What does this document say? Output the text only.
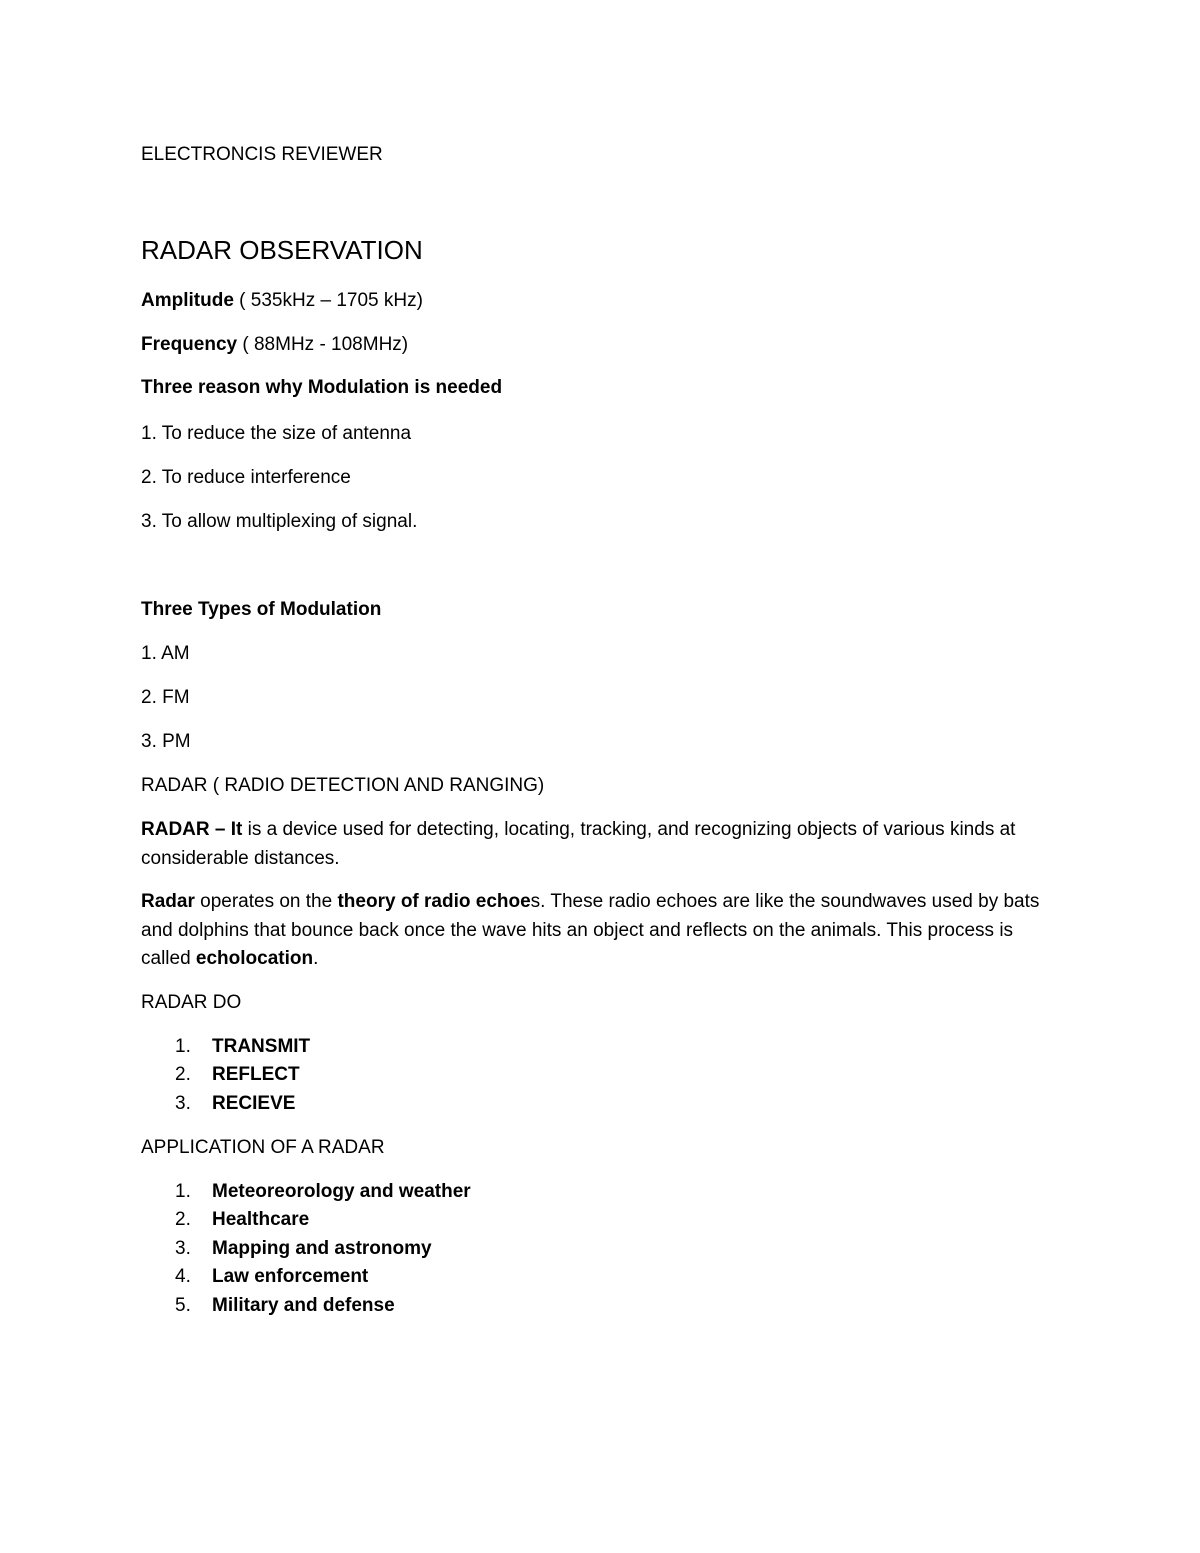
ELECTRONCIS REVIEWER
RADAR OBSERVATION
Amplitude ( 535kHz – 1705 kHz)
Frequency ( 88MHz - 108MHz)
Three reason why Modulation is needed
1. To reduce the size of antenna
2. To reduce interference
3. To allow multiplexing of signal.
Three Types of Modulation
1. AM
2. FM
3. PM
RADAR ( RADIO DETECTION AND RANGING)
RADAR – It is a device used for detecting, locating, tracking, and recognizing objects of various kinds at considerable distances.
Radar operates on the theory of radio echoes. These radio echoes are like the soundwaves used by bats and dolphins that bounce back once the wave hits an object and reflects on the animals. This process is called echolocation.
RADAR DO
1. TRANSMIT
2. REFLECT
3. RECIEVE
APPLICATION OF A RADAR
1. Meteoreorology and weather
2. Healthcare
3. Mapping and astronomy
4. Law enforcement
5. Military and defense
